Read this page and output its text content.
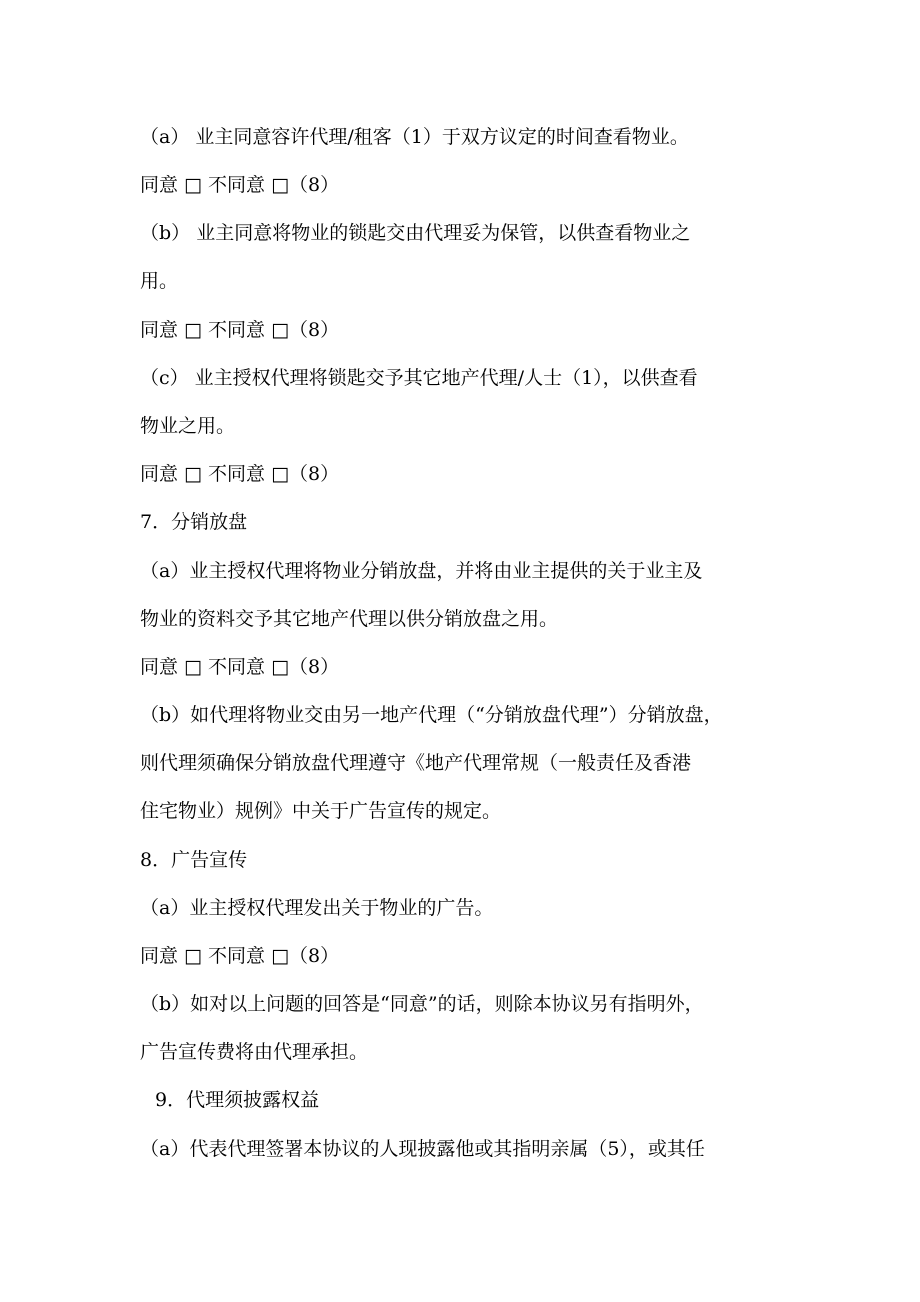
（a） 业主同意容许代理/租客（1）于双方议定的时间查看物业。
同意 □ 不同意 □（8）
（b） 业主同意将物业的锁匙交由代理妥为保管，以供查看物业之
用。
同意 □ 不同意 □（8）
（c） 业主授权代理将锁匙交予其它地产代理/人士（1），以供查看
物业之用。
同意 □ 不同意 □（8）
7．分销放盘
（a）业主授权代理将物业分销放盘，并将由业主提供的关于业主及
物业的资料交予其它地产代理以供分销放盘之用。
同意 □ 不同意 □（8）
（b）如代理将物业交由另一地产代理（“分销放盘代理”）分销放盘，
则代理须确保分销放盘代理遵守《地产代理常规（一般责任及香港
住宅物业）规例》中关于广告宣传的规定。
8．广告宣传
（a）业主授权代理发出关于物业的广告。
同意 □ 不同意 □（8）
（b）如对以上问题的回答是“同意”的话，则除本协议另有指明外，
广告宣传费将由代理承担。
9．代理须披露权益
（a）代表代理签署本协议的人现披露他或其指明亲属（5），或其任
